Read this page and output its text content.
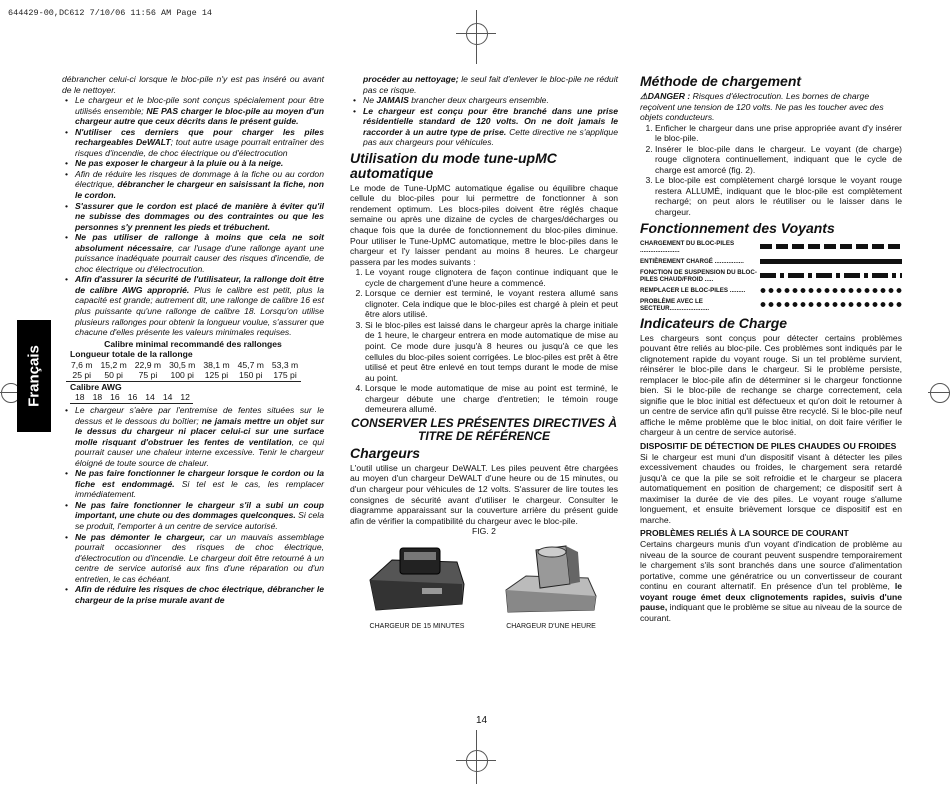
644429-00,DC612 7/10/06 11:56 AM Page 14
Français

débrancher celui-ci lorsque le bloc-pile n'y est pas inséré ou avant de le nettoyer.

• Le chargeur et le bloc-pile sont conçus spécialement pour être utilisés ensemble; NE PAS charger le bloc-pile au moyen d'un chargeur autre que ceux décrits dans le présent guide.
• N'utiliser ces derniers que pour charger les piles rechargeables DeWALT; tout autre usage pourrait entraîner des risques d'incendie, de choc électrique ou d'électrocution
• Ne pas exposer le chargeur à la pluie ou à la neige.
• Afin de réduire les risques de dommage à la fiche ou au cordon électrique, débrancher le chargeur en saisissant la fiche, non le cordon.
• S'assurer que le cordon est placé de manière à éviter qu'il ne subisse des dommages ou des contraintes ou que les personnes s'y prennent les pieds et trébuchent.
• Ne pas utiliser de rallonge à moins que cela ne soit absolument nécessaire, car l'usage d'une rallonge ayant une puissance inadéquate pourrait causer des risques d'incendie, de choc électrique ou d'électrocution.
• Afin d'assurer la sécurité de l'utilisateur, la rallonge doit être de calibre AWG approprié. Plus le calibre est petit, plus la capacité est grande; autrement dit, une rallonge de calibre 16 est plus puissante qu'une rallonge de calibre 18. Lorsqu'on utilise plusieurs rallonges pour obtenir la longueur voulue, s'assurer que chacune d'elles présente les valeurs minimales requises.
Calibre minimal recommandé des rallonges
Longueur totale de la rallonge
7,6 m	15,2 m	22,9 m	30,5 m	38,1 m	45,7 m	53,3 m
25 pi	50 pi	75 pi	100 pi	125 pi	150 pi	175 pi
Calibre AWG
18	18	16	16	14	14	12
• Le chargeur s'aère par l'entremise de fentes situées sur le dessus et le dessous du boîtier; ne jamais mettre un objet sur le dessus du chargeur ni placer celui-ci sur une surface molle risquant d'obstruer les fentes de ventilation, ce qui pourrait causer une chaleur interne excessive. Tenir le chargeur éloigné de toute source de chaleur.
• Ne pas faire fonctionner le chargeur lorsque le cordon ou la fiche est endommagé. Si tel est le cas, les remplacer immédiatement.
• Ne pas faire fonctionner le chargeur s'il a subi un coup important, une chute ou des dommages quelconques. Si cela se produit, l'emporter à un centre de service autorisé.
• Ne pas démonter le chargeur, car un mauvais assemblage pourrait occasionner des risques de choc électrique, d'électrocution ou d'incendie. Le chargeur doit être retourné à un centre de service autorisé aux fins d'une réparation ou d'un entretien, le cas échéant.
• Afin de réduire les risques de choc électrique, débrancher le chargeur de la prise murale avant de

procéder au nettoyage; le seul fait d'enlever le bloc-pile ne réduit pas ce risque.

• Ne JAMAIS brancher deux chargeurs ensemble.
• Le chargeur est conçu pour être branché dans une prise résidentielle standard de 120 volts. On ne doit jamais le raccorder à un autre type de prise. Cette directive ne s'applique pas aux chargeurs pour véhicules.
Utilisation du mode tune-upMC automatique

Le mode de Tune-UpMC automatique égalise ou équilibre chaque cellule du bloc-piles pour lui permettre de fonctionner à son rendement optimum. Les blocs-piles doivent être réglés chaque semaine ou après une dizaine de cycles de charges/décharges ou chaque fois que la durée de fonctionnement du bloc-piles diminue. Pour utiliser le Tune-UpMC automatique, mettre le bloc-piles dans le chargeur et l'y laisser pendant au moins 8 heures. Le chargeur passera par les modes suivants :

1. Le voyant rouge clignotera de façon continue indiquant que le cycle de chargement d'une heure a commencé.
2. Lorsque ce dernier est terminé, le voyant restera allumé sans clignoter. Cela indique que le bloc-piles est chargé à plein et peut être alors utilisé.
3. Si le bloc-piles est laissé dans le chargeur après la charge initiale de 1 heure, le chargeur entrera en mode automatique de mise au point. Ce mode dure jusqu'à 8 heures ou jusqu'à ce que les cellules du bloc-piles soient corrigées. Le bloc-piles est prêt à être utilisé et peut être enlevé en tout temps durant le mode de mise au point.
4. Lorsque le mode automatique de mise au point est terminé, le chargeur débute une charge d'entretien; le témoin rouge demeurera allumé.
CONSERVER LES PRÉSENTES DIRECTIVES À TITRE DE RÉFÉRENCE
Chargeurs

L'outil utilise un chargeur DeWALT. Les piles peuvent être chargées au moyen d'un chargeur DeWALT d'une heure ou de 15 minutes, ou d'un chargeur pour véhicules de 12 volts. S'assurer de lire toutes les consignes de sécurité avant d'utiliser le chargeur. Consulter le diagramme apparaissant sur la couverture arrière du présent guide afin de vérifier la compatibilité du chargeur avec le bloc-pile.

FIG. 2
CHARGEUR DE 15 MINUTES	CHARGEUR D'UNE HEURE
Méthode de chargement

⚠DANGER : Risques d'électrocution. Les bornes de charge reçoivent une tension de 120 volts. Ne pas les toucher avec des objets conducteurs.

1. Enficher le chargeur dans une prise appropriée avant d'y insérer le bloc-pile.
2. Insérer le bloc-pile dans le chargeur. Le voyant (de charge) rouge clignotera continuellement, indiquant que le cycle de charge est amorcé (fig. 2).
3. Le bloc-pile est complètement chargé lorsque le voyant rouge restera ALLUMÉ, indiquant que le bloc-pile est complètement rechargé; on peut alors le réutiliser ou le laisser dans le chargeur.
Fonctionnement des Voyants
CHARGEMENT DU BLOC-PILES .......................
ENTIÈREMENT CHARGÉ .................
FONCTION DE SUSPENSION DU BLOC-PILES CHAUD/FROID .....
REMPLACER LE BLOC-PILES .........
PROBLÈME AVEC LE SECTEUR.......................
Indicateurs de Charge

Les chargeurs sont conçus pour détecter certains problèmes pouvant être reliés au bloc-pile. Ces problèmes sont indiqués par le clignotement rapide du voyant rouge. Si un tel problème survient, réinsérer le bloc-pile dans le chargeur. Si le problème persiste, remplacer le bloc-pile afin de déterminer si le chargeur fonctionne bien. Si le bloc-pile de rechange se charge correctement, cela signifie que le bloc initial est défectueux et qu'on doit le retourner à un centre de service afin qu'il puisse être recyclé. Si le bloc-pile neuf affiche le même problème que le bloc initial, on doit faire vérifier le chargeur à un centre de service autorisé.

DISPOSITIF DE DÉTECTION DE PILES CHAUDES OU FROIDES

Si le chargeur est muni d'un dispositif visant à détecter les piles excessivement chaudes ou froides, le chargement sera retardé jusqu'à ce que la pile se soit refroidie et le chargeur se placera automatiquement en position de chargement; ce dispositif sert à maximiser la durée de vie des piles. Le voyant rouge s'allume longuement, et ensuite brièvement lorsque ce dispositif est en marche.

PROBLÈMES RELIÉS À LA SOURCE DE COURANT

Certains chargeurs munis d'un voyant d'indication de problème au niveau de la source de courant peuvent suspendre temporairement le chargement s'ils sont branchés dans une source d'alimentation portative, comme une génératrice ou un convertisseur de courant continu en courant alternatif. En présence d'un tel problème, le voyant rouge émet deux clignotements rapides, suivis d'une pause, indiquant que le problème se situe au niveau de la source de courant.

14
